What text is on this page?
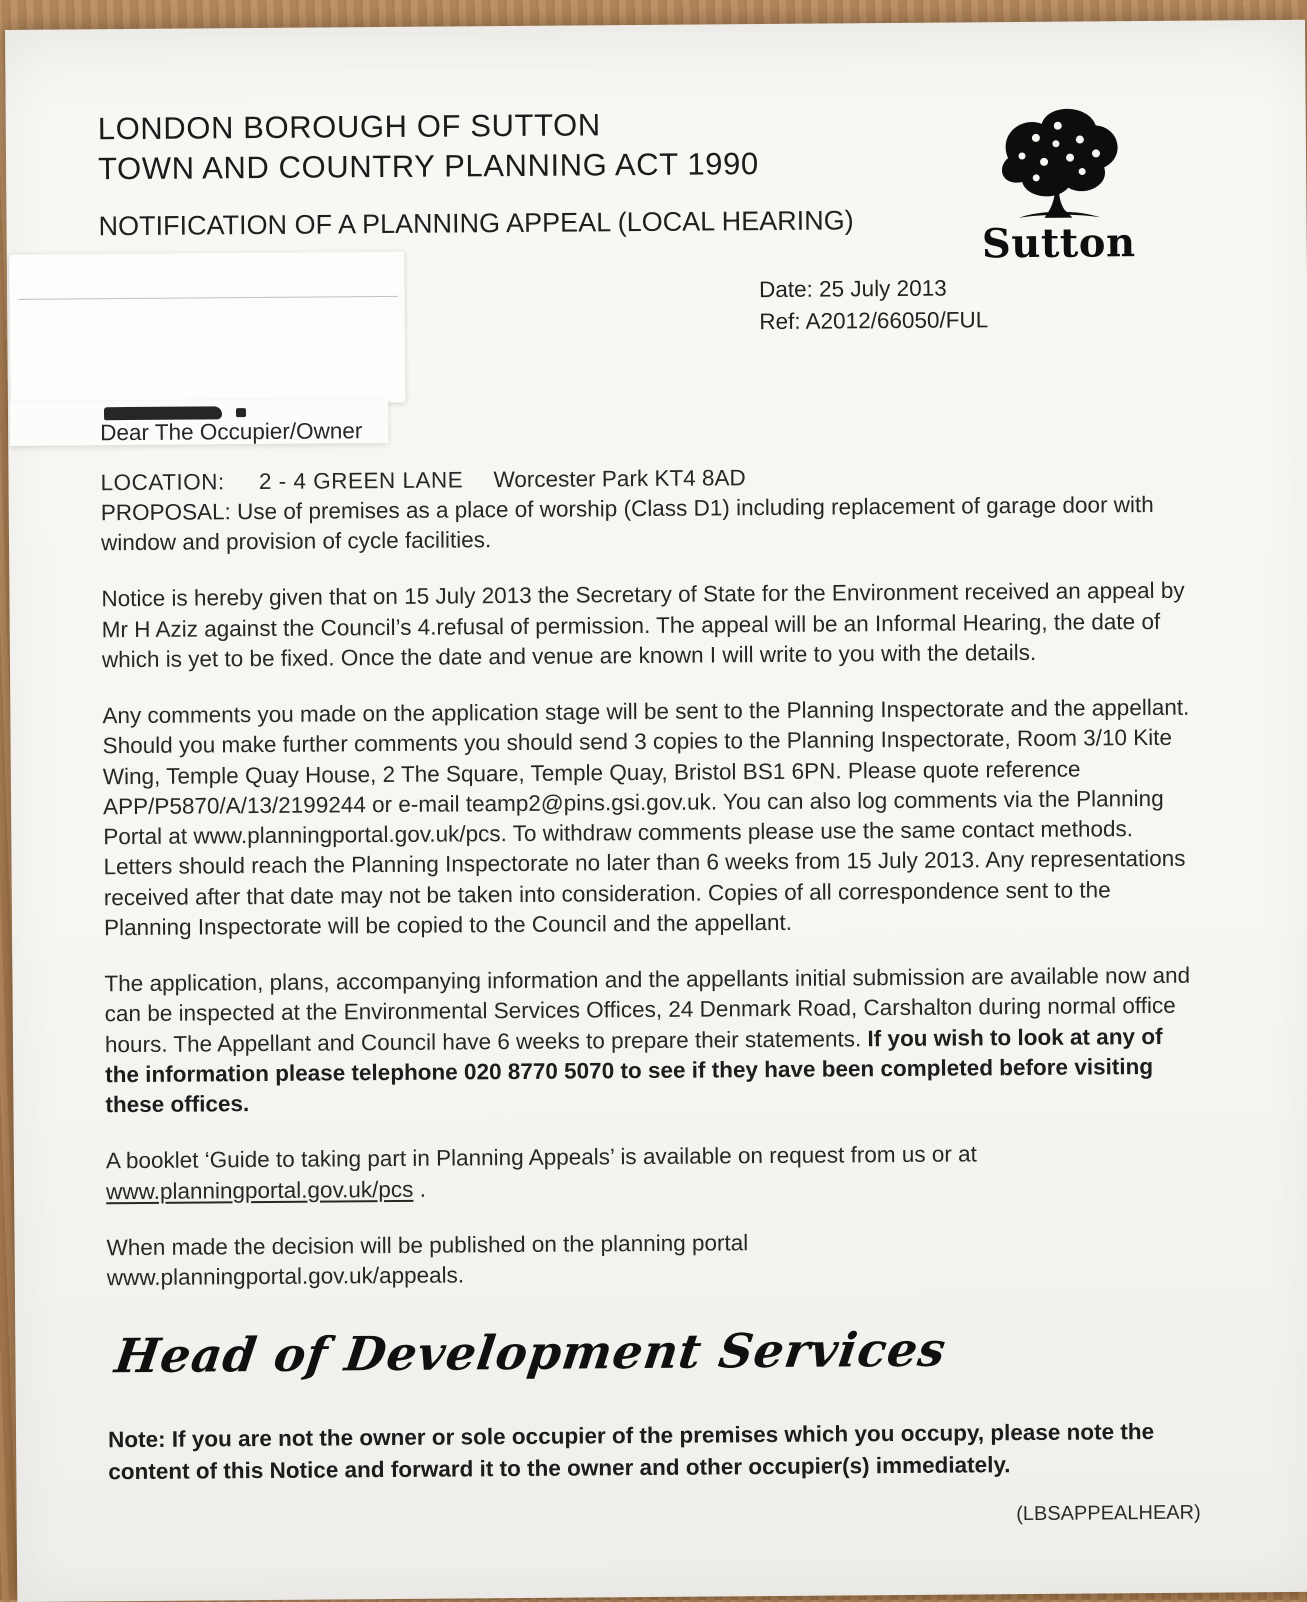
Sutton
LONDON BOROUGH OF SUTTON
TOWN AND COUNTRY PLANNING ACT 1990
NOTIFICATION OF A PLANNING APPEAL (LOCAL HEARING)
Date: 25 July 2013
Ref: A2012/66050/FUL
Dear The Occupier/Owner
LOCATION: 2 - 4 GREEN LANE Worcester Park KT4 8AD
PROPOSAL: Use of premises as a place of worship (Class D1) including replacement of garage door with window and provision of cycle facilities.

Notice is hereby given that on 15 July 2013 the Secretary of State for the Environment received an appeal by Mr H Aziz against the Council’s 4.refusal of permission. The appeal will be an Informal Hearing, the date of which is yet to be fixed. Once the date and venue are known I will write to you with the details.

Any comments you made on the application stage will be sent to the Planning Inspectorate and the appellant. Should you make further comments you should send 3 copies to the Planning Inspectorate, Room 3/10 Kite Wing, Temple Quay House, 2 The Square, Temple Quay, Bristol BS1 6PN. Please quote reference APP/P5870/A/13/2199244 or e-mail teamp2@pins.gsi.gov.uk. You can also log comments via the Planning Portal at www.planningportal.gov.uk/pcs. To withdraw comments please use the same contact methods. Letters should reach the Planning Inspectorate no later than 6 weeks from 15 July 2013. Any representations received after that date may not be taken into consideration. Copies of all correspondence sent to the Planning Inspectorate will be copied to the Council and the appellant.

The application, plans, accompanying information and the appellants initial submission are available now and can be inspected at the Environmental Services Offices, 24 Denmark Road, Carshalton during normal office hours. The Appellant and Council have 6 weeks to prepare their statements. If you wish to look at any of the information please telephone 020 8770 5070 to see if they have been completed before visiting these offices.

A booklet ‘Guide to taking part in Planning Appeals’ is available on request from us or at www.planningportal.gov.uk/pcs .

When made the decision will be published on the planning portal
www.planningportal.gov.uk/appeals.

Head of Development Services

Note: If you are not the owner or sole occupier of the premises which you occupy, please note the content of this Notice and forward it to the owner and other occupier(s) immediately.

(LBSAPPEALHEAR)
